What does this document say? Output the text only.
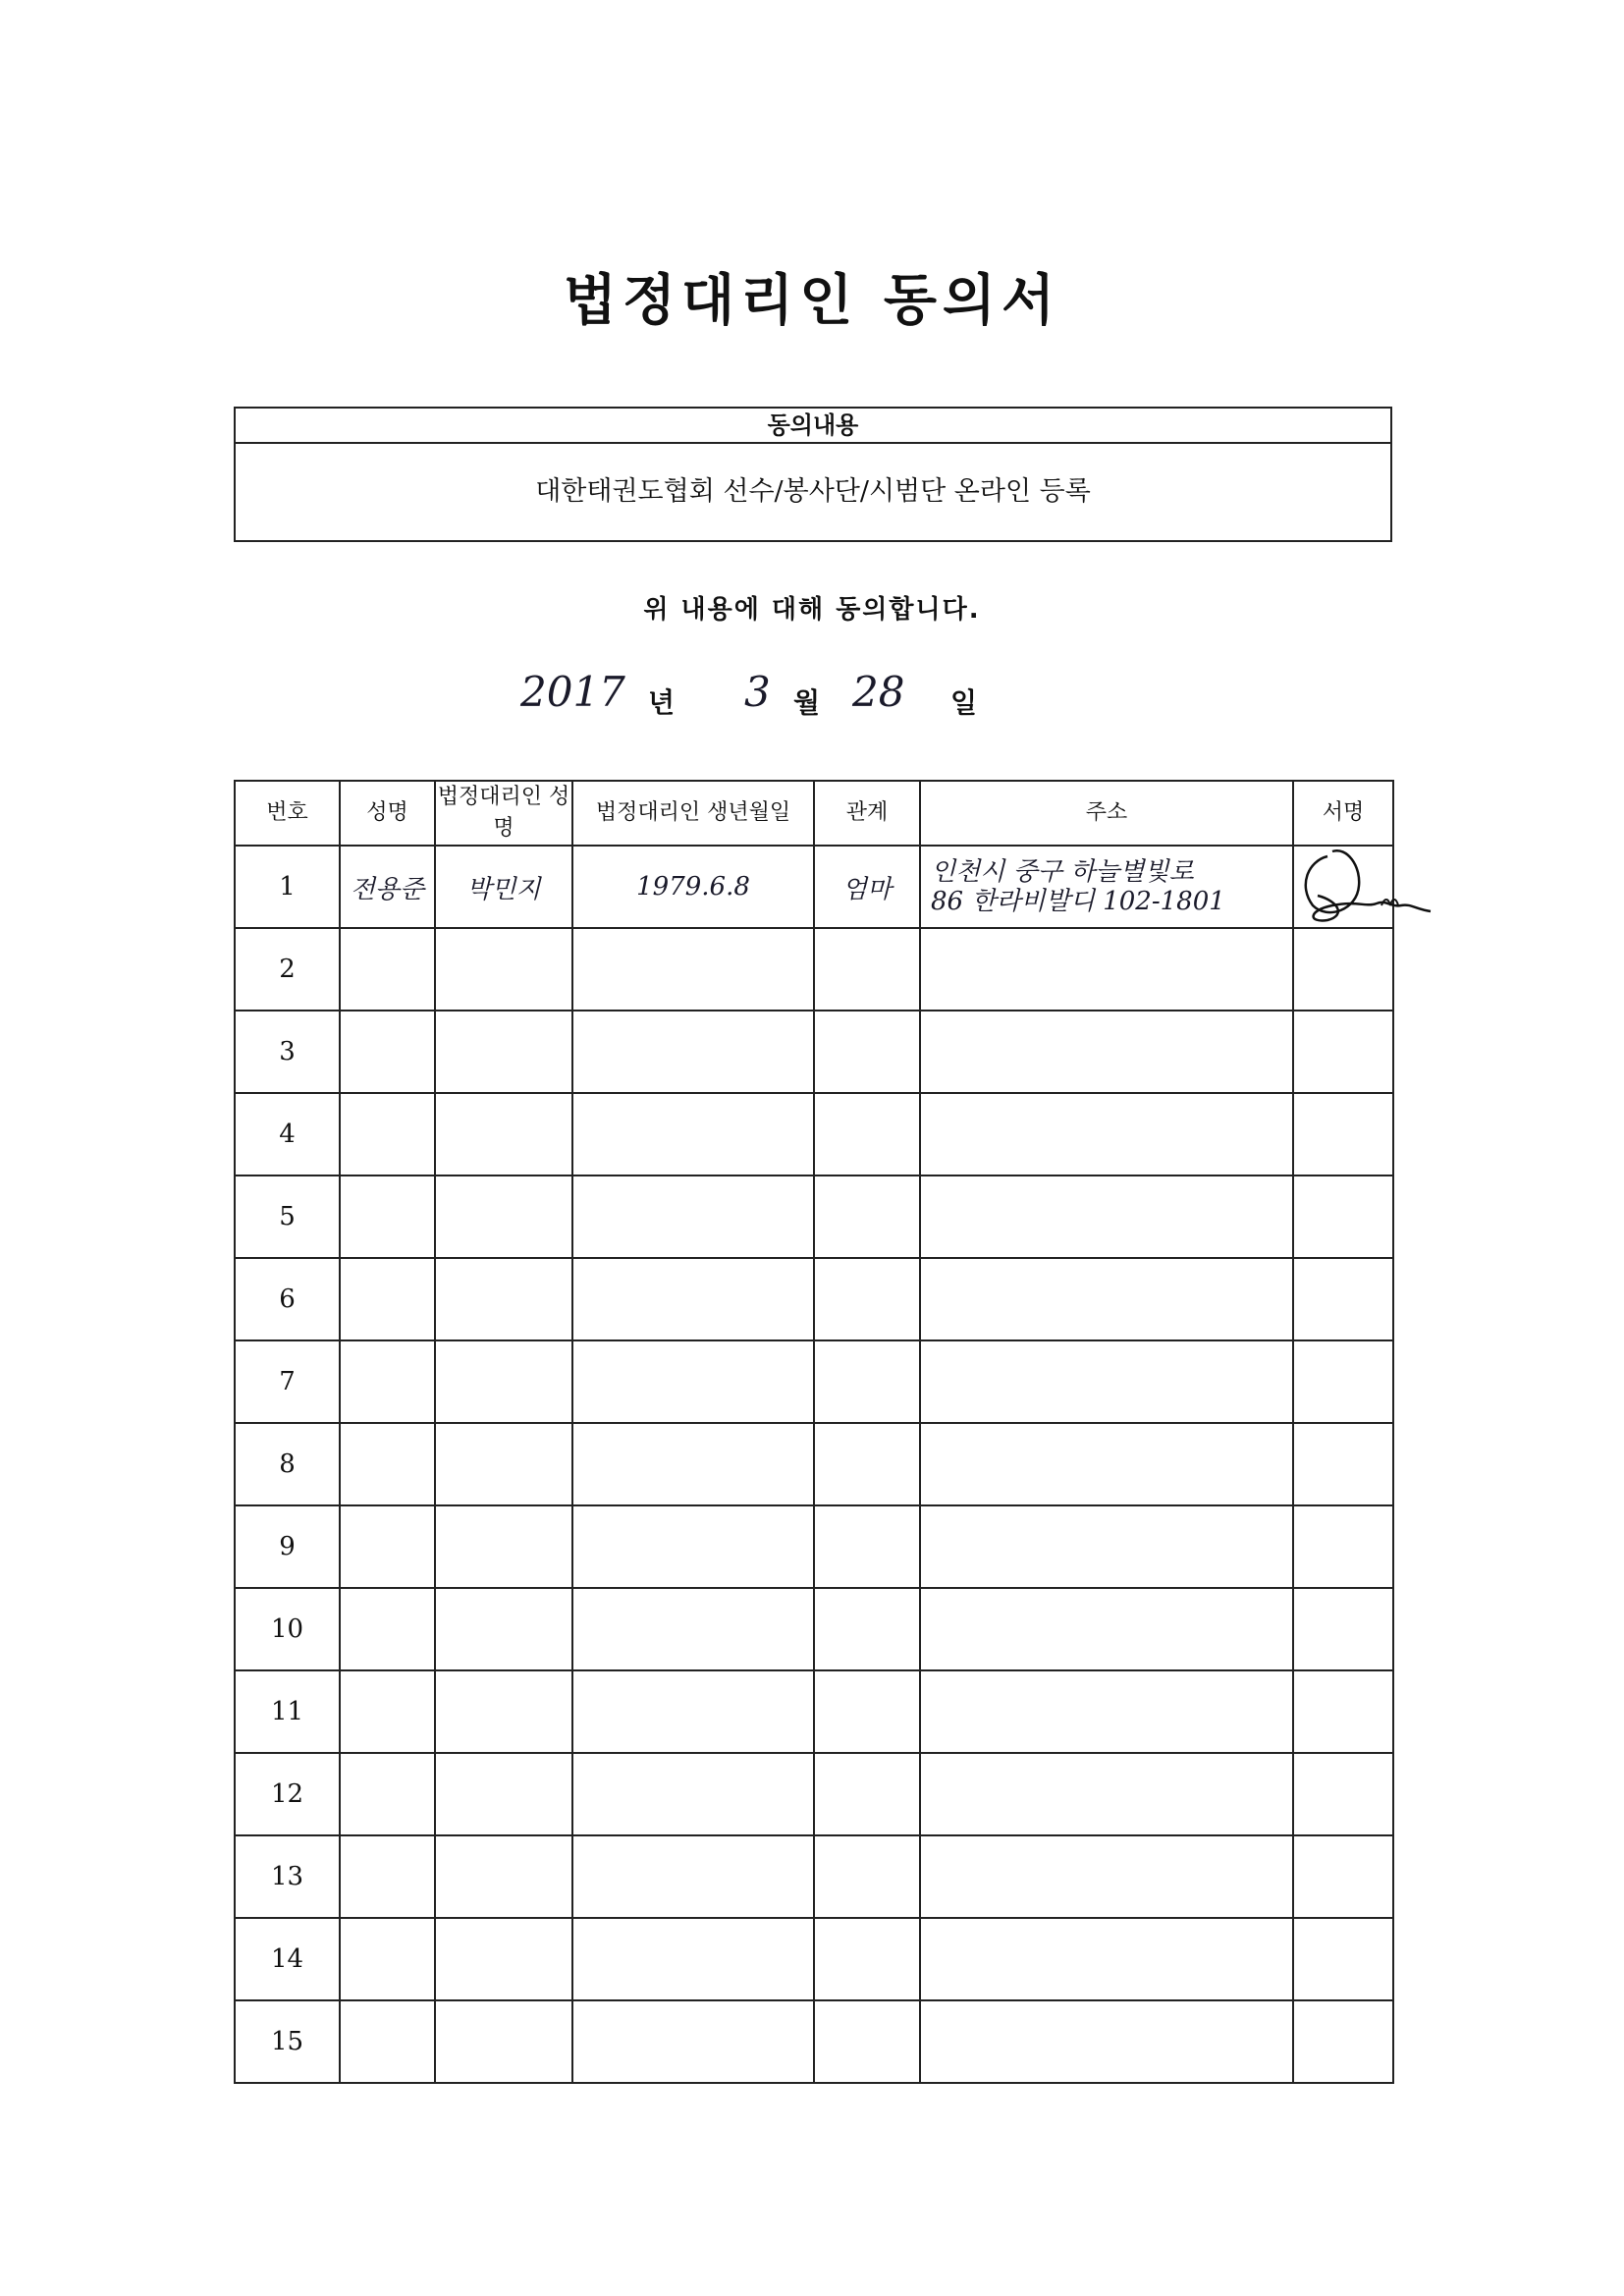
법정대리인 동의서
동의내용
대한태권도협회 선수/봉사단/시범단 온라인 등록
위 내용에 대해 동의합니다.
2017 년 3 월 28 일
번호	성명	법정대리인 성명	법정대리인 생년월일	관계	주소	서명
1	전용준	박민지	1979.6.8	엄마	인천시 중구 하늘별빛로
86 한라비발디 102-1801

2						
3						
4						
5						
6						
7						
8						
9						
10						
11						
12						
13						
14						
15						
